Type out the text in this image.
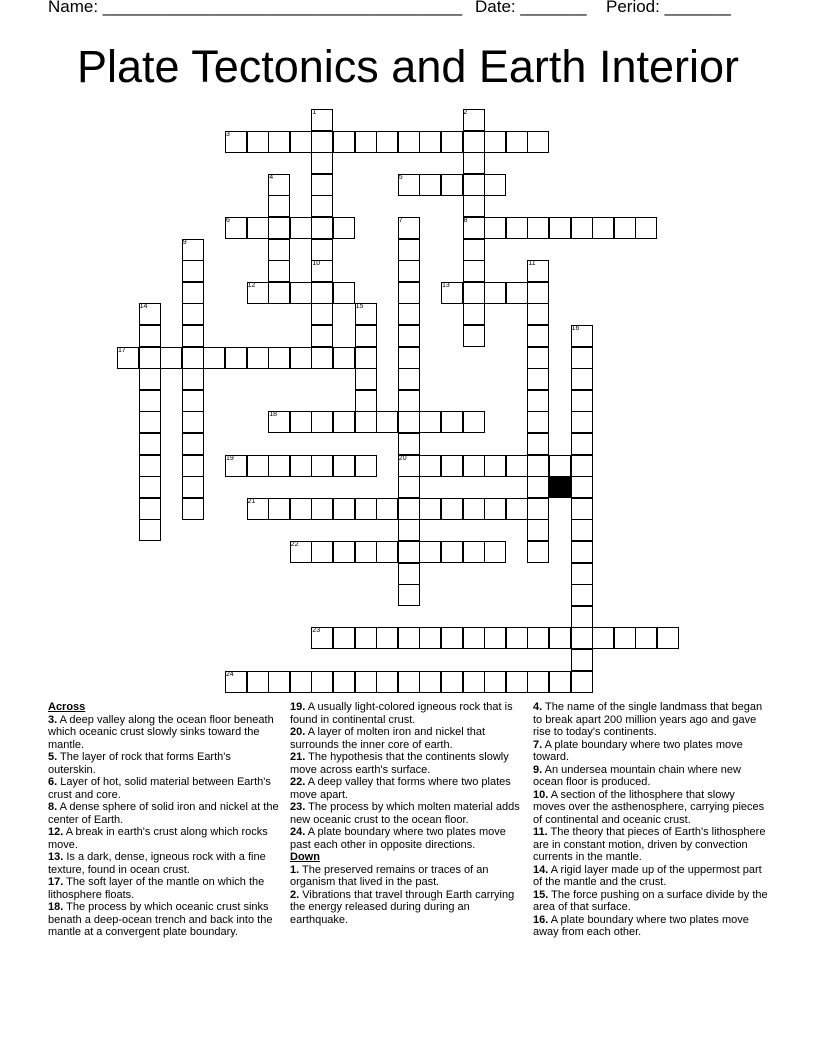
Name: ______________________________________ Date: _______ Period: _______
Plate Tectonics and Earth Interior
1	2
3
4	5
6	7	8
9
10	11
12	13
14	15
16
17
18
19	20
21
22
23
24

Across

3. A deep valley along the ocean floor beneath which oceanic crust slowly sinks toward the mantle.

5. The layer of rock that forms Earth's outerskin.

6. Layer of hot, solid material between Earth's crust and core.

8. A dense sphere of solid iron and nickel at the center of Earth.

12. A break in earth's crust along which rocks move.

13. Is a dark, dense, igneous rock with a fine texture, found in ocean crust.

17. The soft layer of the mantle on which the lithosphere floats.

18. The process by which oceanic crust sinks benath a deep-ocean trench and back into the mantle at a convergent plate boundary.

19. A usually light-colored igneous rock that is found in continental crust.

20. A layer of molten iron and nickel that surrounds the inner core of earth.

21. The hypothesis that the continents slowly move across earth's surface.

22. A deep valley that forms where two plates move apart.

23. The process by which molten material adds new oceanic crust to the ocean floor.

24. A plate boundary where two plates move past each other in opposite directions.

Down

1. The preserved remains or traces of an organism that lived in the past.

2. Vibrations that travel through Earth carrying the energy released during during an earthquake.

4. The name of the single landmass that began to break apart 200 million years ago and gave rise to today's continents.

7. A plate boundary where two plates move toward.

9. An undersea mountain chain where new ocean floor is produced.

10. A section of the lithosphere that slowy moves over the asthenosphere, carrying pieces of continental and oceanic crust.

11. The theory that pieces of Earth's lithosphere are in constant motion, driven by convection currents in the mantle.

14. A rigid layer made up of the uppermost part of the mantle and the crust.

15. The force pushing on a surface divide by the area of that surface.

16. A plate boundary where two plates move away from each other.
